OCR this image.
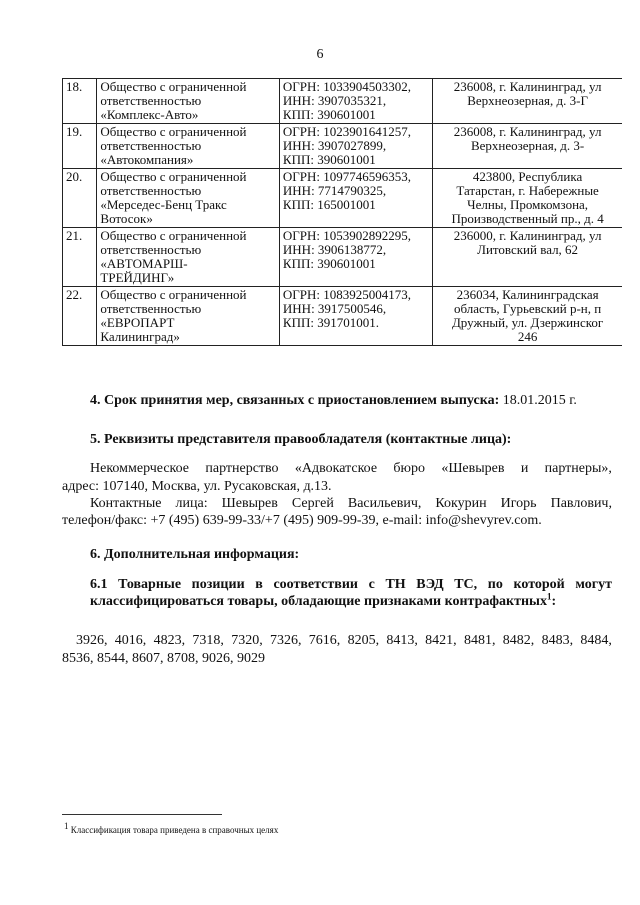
6
18.	Общество с ограниченной
ответственностью
«Комплекс-Авто»	ОГРН: 1033904503302,
ИНН: 3907035321,
КПП: 390601001	236008, г. Калининград, ул
Верхнеозерная, д. 3-Г

19.	Общество с ограниченной
ответственностью
«Автокомпания»	ОГРН: 1023901641257,
ИНН: 3907027899,
КПП: 390601001	236008, г. Калининград, ул
Верхнеозерная, д. 3-

20.	Общество с ограниченной
ответственностью
«Мерседес-Бенц Тракс
Вотосок»	ОГРН: 1097746596353,
ИНН: 7714790325,
КПП: 165001001	423800, Республика
Татарстан, г. Набережные
Челны, Промкомзона,
Производственный пр., д. 4

21.	Общество с ограниченной
ответственностью
«АВТОМАРШ-
ТРЕЙДИНГ»	ОГРН: 1053902892295,
ИНН: 3906138772,
КПП: 390601001	236000, г. Калининград, ул
Литовский вал, 62

22.	Общество с ограниченной
ответственностью
«ЕВРОПАРТ
Калининград»	ОГРН: 1083925004173,
ИНН: 3917500546,
КПП: 391701001.	236034, Калининградская
область, Гурьевский р-н, п
Дружный, ул. Дзержинског
246
4. Срок принятия мер, связанных с приостановлением выпуска: 18.01.2015 г.
5. Реквизиты представителя правообладателя (контактные лица):
Некоммерческое партнерство «Адвокатское бюро «Шевырев и партнеры»,
адрес: 107140, Москва, ул. Русаковская, д.13.
Контактные лица: Шевырев Сергей Васильевич, Кокурин Игорь Павлович,
телефон/факс: +7 (495) 639-99-33/+7 (495) 909-99-39, e-mail: info@shevyrev.com.
6. Дополнительная информация:
6.1 Товарные позиции в соответствии с ТН ВЭД ТС, по которой могут
классифицироваться товары, обладающие признаками контрафактных$^1$:
3926, 4016, 4823, 7318, 7320, 7326, 7616, 8205, 8413, 8421, 8481, 8482, 8483, 8484,
8536, 8544, 8607, 8708, 9026, 9029
1 Классификация товара приведена в справочных целях
